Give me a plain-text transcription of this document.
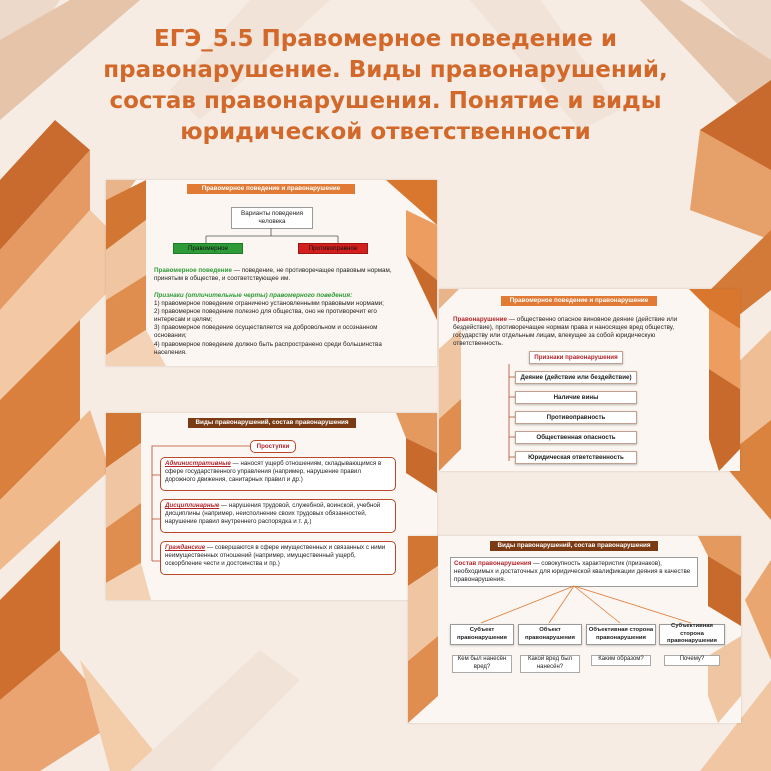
ЕГЭ_5.5 Правомерное поведение и правонарушение. Виды правонарушений, состав правонарушения. Понятие и виды юридической ответственности
Правомерное поведение и правонарушение
Варианты поведения человека
Правомерное	Противоправное
Правомерное поведение — поведение, не противоречащее правовым нормам, принятым в обществе, и соответствующее им.
Признаки (отличительные черты) правомерного поведения:
1) правомерное поведение ограничено установленными правовыми нормами;
2) правомерное поведение полезно для общества, оно не противоречит его интересам и целям;
3) правомерное поведение осуществляется на добровольном и осознанном основании;
4) правомерное поведение должно быть распространено среди большинства населения.
Правомерное поведение и правонарушение
Правонарушение — общественно опасное виновное деяние (действие или бездействие), противоречащее нормам права и наносящее вред обществу, государству или отдельным лицам, влекущее за собой юридическую ответственность.
Признаки правонарушения
Деяние (действие или бездействие)
Наличие вины
Противоправность
Общественная опасность
Юридическая ответственность
Виды правонарушений, состав правонарушения
Проступки
Административные — наносят ущерб отношениям, складывающимся в сфере государственного управления (например, нарушение правил дорожного движения, санитарных правил и др.)
Дисциплинарные — нарушения трудовой, служебной, воинской, учебной дисциплины (например, неисполнение своих трудовых обязанностей, нарушение правил внутреннего распорядка и т. д.)
Гражданские — совершаются в сфере имущественных и связанных с ними неимущественных отношений (например, имущественный ущерб, оскорбление чести и достоинства и пр.)
Виды правонарушений, состав правонарушения
Состав правонарушения — совокупность характеристик (признаков), необходимых и достаточных для юридической квалификации деяния в качестве правонарушения.
Субъект правонарушения
Объект правонарушения
Объективная сторона правонарушения
Субъективная сторона правонарушения
Кем был нанесён вред?
Какой вред был нанесён?
Каким образом?	Почему?
